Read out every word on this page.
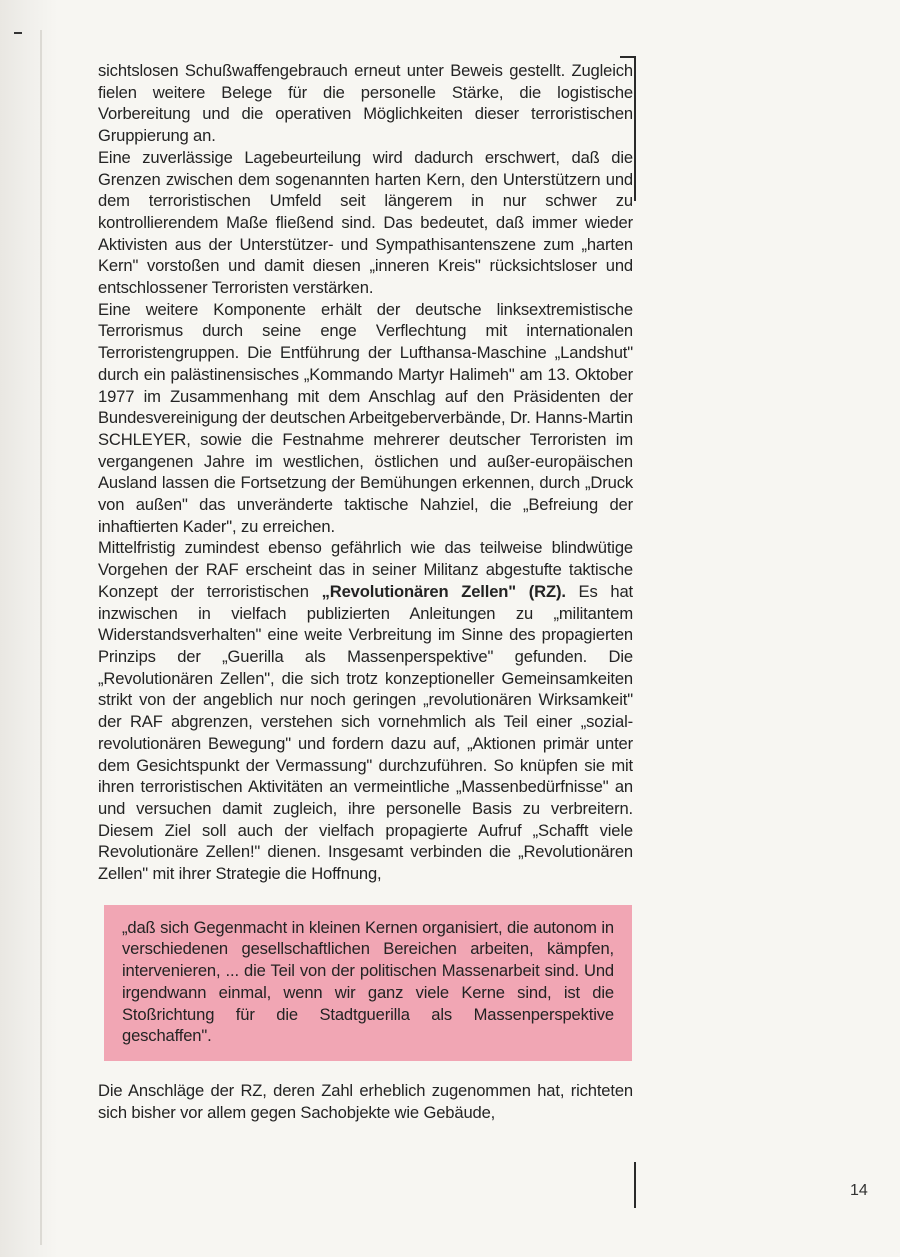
sichtslosen Schußwaffengebrauch erneut unter Beweis gestellt. Zugleich fielen weitere Belege für die personelle Stärke, die logistische Vorbereitung und die operativen Möglichkeiten dieser terroristischen Gruppierung an.

Eine zuverlässige Lagebeurteilung wird dadurch erschwert, daß die Grenzen zwischen dem sogenannten harten Kern, den Unterstützern und dem terroristischen Umfeld seit längerem in nur schwer zu kontrollierendem Maße fließend sind. Das bedeutet, daß immer wieder Aktivisten aus der Unterstützer- und Sympathisantenszene zum „harten Kern" vorstoßen und damit diesen „inneren Kreis" rücksichtsloser und entschlossener Terroristen verstärken.

Eine weitere Komponente erhält der deutsche linksextremistische Terrorismus durch seine enge Verflechtung mit internationalen Terroristengruppen. Die Entführung der Lufthansa-Maschine „Landshut" durch ein palästinensisches „Kommando Martyr Halimeh" am 13. Oktober 1977 im Zusammenhang mit dem Anschlag auf den Präsidenten der Bundesvereinigung der deutschen Arbeitgeberverbände, Dr. Hanns-Martin SCHLEYER, sowie die Festnahme mehrerer deutscher Terroristen im vergangenen Jahre im westlichen, östlichen und außer-europäischen Ausland lassen die Fortsetzung der Bemühungen erkennen, durch „Druck von außen" das unveränderte taktische Nahziel, die „Befreiung der inhaftierten Kader", zu erreichen.

Mittelfristig zumindest ebenso gefährlich wie das teilweise blindwütige Vorgehen der RAF erscheint das in seiner Militanz abgestufte taktische Konzept der terroristischen „Revolutionären Zellen" (RZ). Es hat inzwischen in vielfach publizierten Anleitungen zu „militantem Widerstandsverhalten" eine weite Verbreitung im Sinne des propagierten Prinzips der „Guerilla als Massenperspektive" gefunden. Die „Revolutionären Zellen", die sich trotz konzeptioneller Gemeinsamkeiten strikt von der angeblich nur noch geringen „revolutionären Wirksamkeit" der RAF abgrenzen, verstehen sich vornehmlich als Teil einer „sozial-revolutionären Bewegung" und fordern dazu auf, „Aktionen primär unter dem Gesichtspunkt der Vermassung" durchzuführen. So knüpfen sie mit ihren terroristischen Aktivitäten an vermeintliche „Massenbedürfnisse" an und versuchen damit zugleich, ihre personelle Basis zu verbreitern. Diesem Ziel soll auch der vielfach propagierte Aufruf „Schafft viele Revolutionäre Zellen!" dienen. Insgesamt verbinden die „Revolutionären Zellen" mit ihrer Strategie die Hoffnung,

„daß sich Gegenmacht in kleinen Kernen organisiert, die autonom in verschiedenen gesellschaftlichen Bereichen arbeiten, kämpfen, intervenieren, ... die Teil von der politischen Massenarbeit sind. Und irgendwann einmal, wenn wir ganz viele Kerne sind, ist die Stoßrichtung für die Stadtguerilla als Massenperspektive geschaffen".

Die Anschläge der RZ, deren Zahl erheblich zugenommen hat, richteten sich bisher vor allem gegen Sachobjekte wie Gebäude,

14
